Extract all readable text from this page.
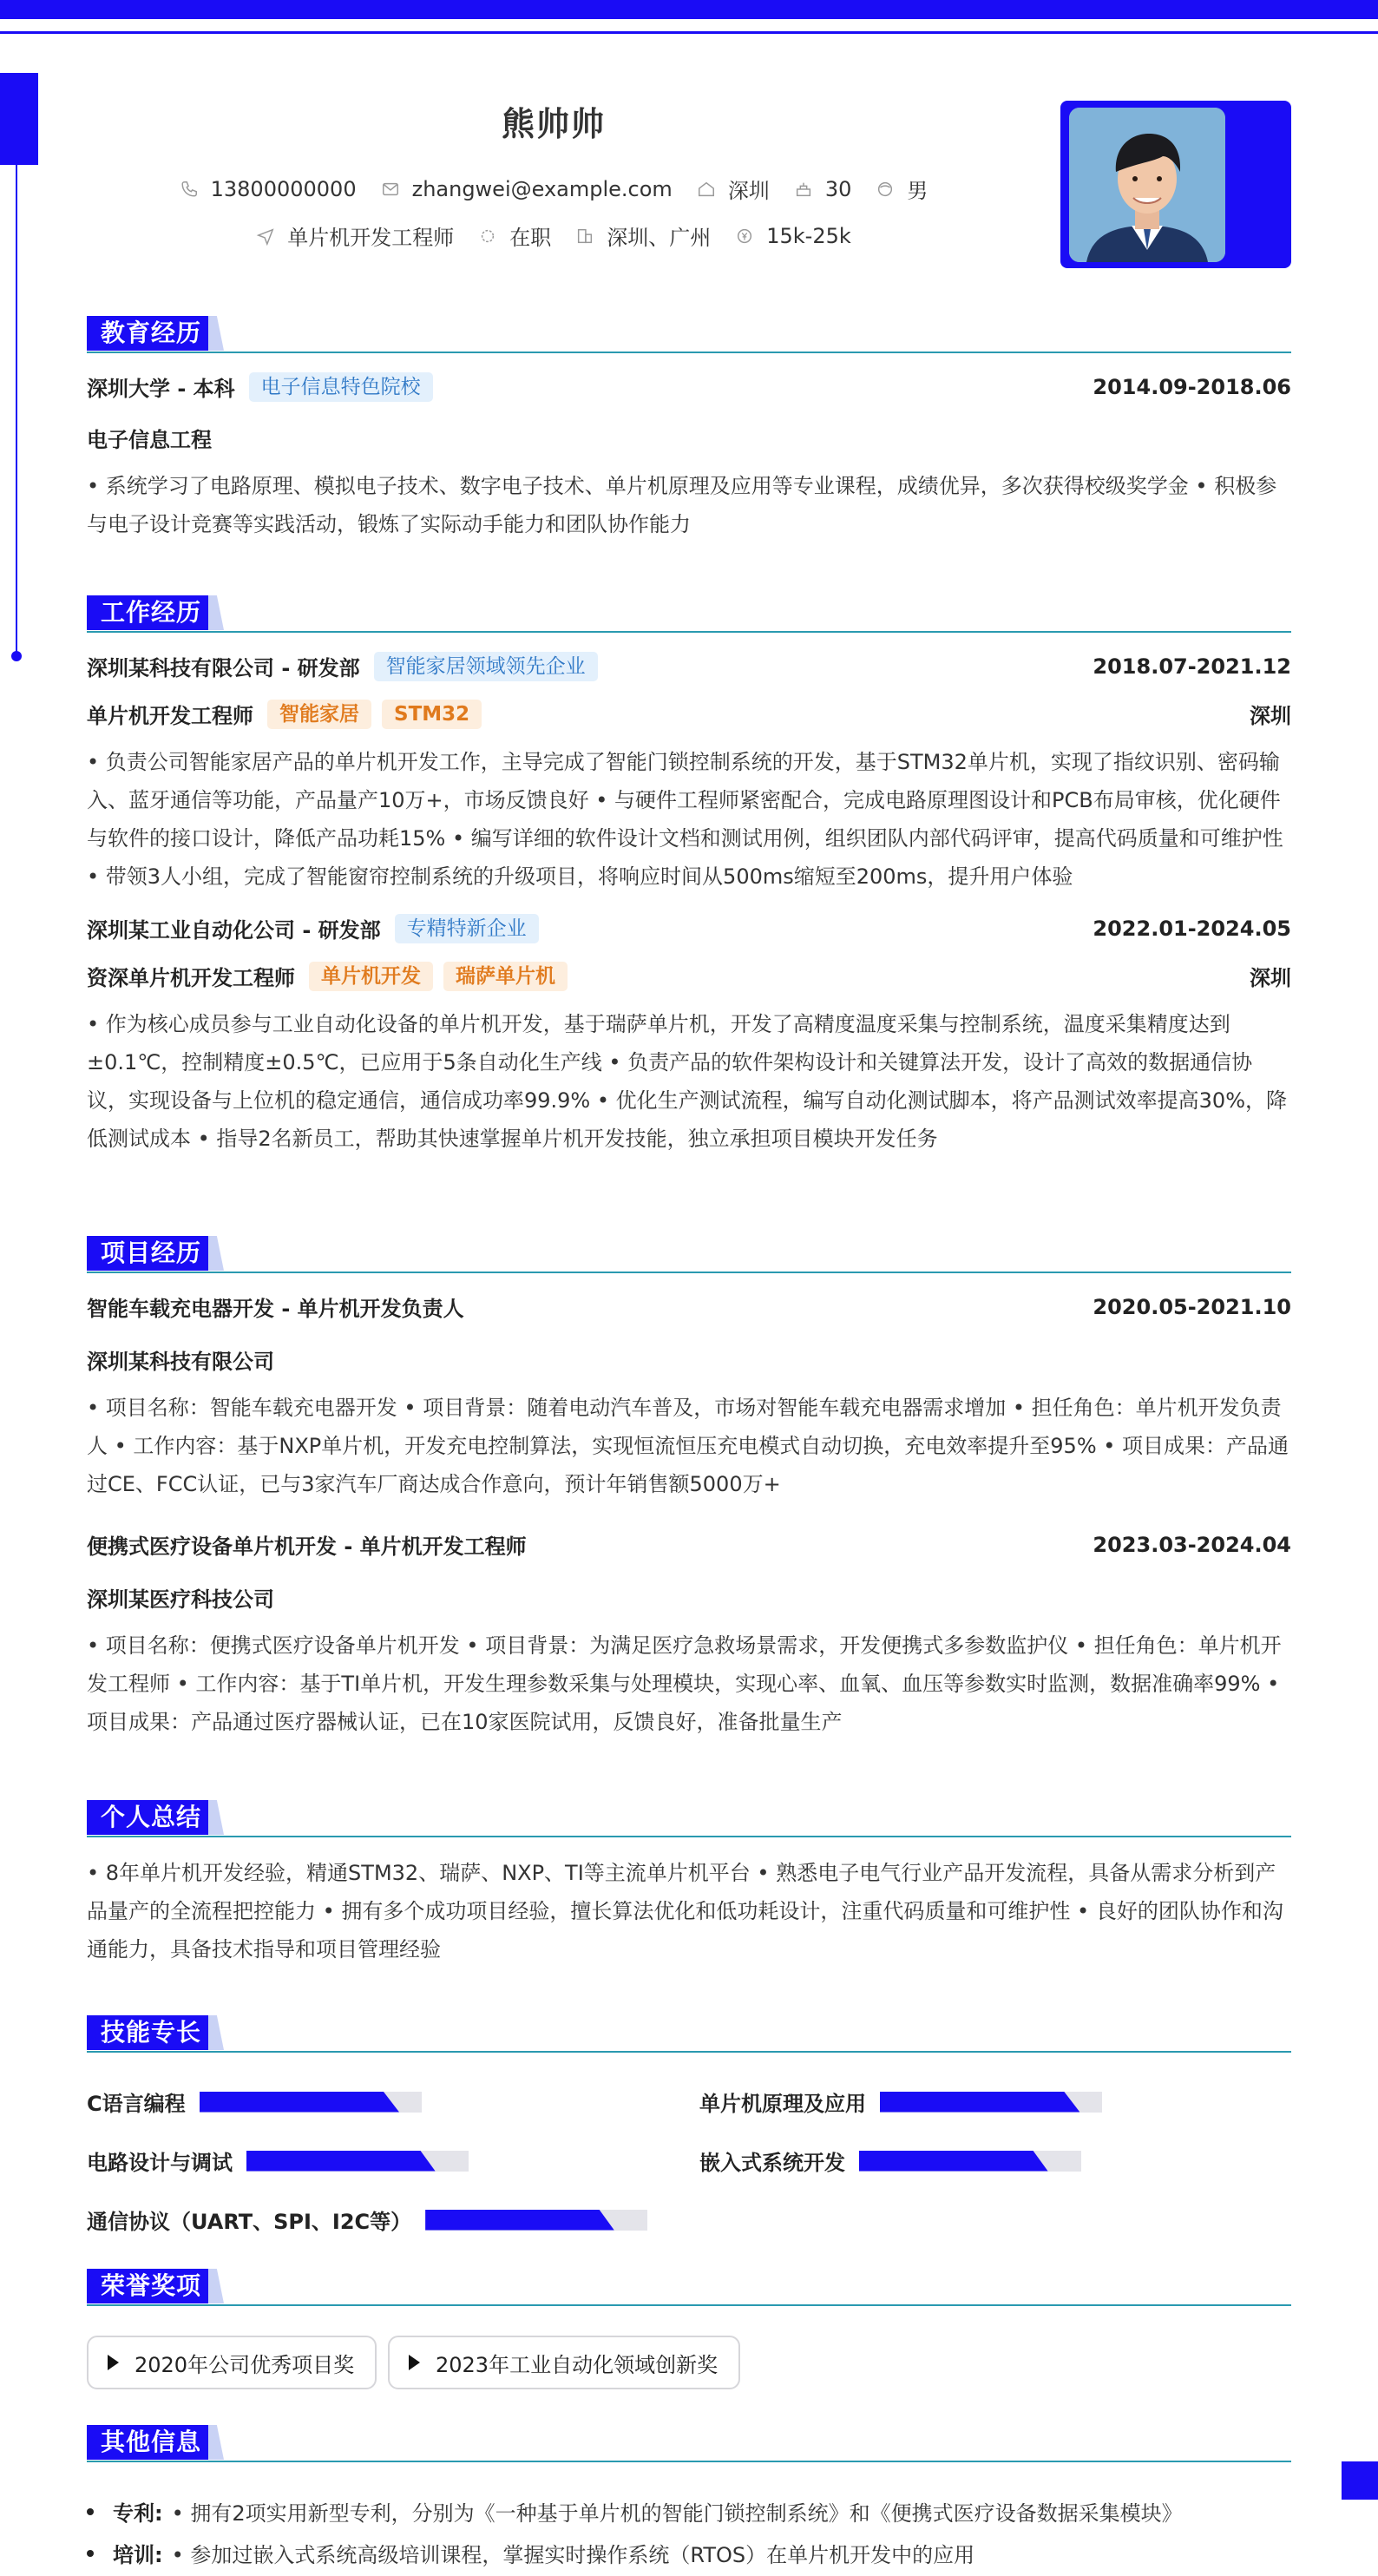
熊帅帅
13800000000	zhangwei@example.com	深圳	30	男
单片机开发工程师	在职	深圳、广州	15k-25k
教育经历
深圳大学 - 本科	电子信息特色院校	2014.09-2018.06
电子信息工程
• 系统学习了电路原理、模拟电子技术、数字电子技术、单片机原理及应用等专业课程，成绩优异，多次获得校级奖学金 • 积极参与电子设计竞赛等实践活动，锻炼了实际动手能力和团队协作能力
工作经历
深圳某科技有限公司 - 研发部	智能家居领域领先企业	2018.07-2021.12
单片机开发工程师	智能家居	STM32	深圳
• 负责公司智能家居产品的单片机开发工作，主导完成了智能门锁控制系统的开发，基于STM32单片机，实现了指纹识别、密码输入、蓝牙通信等功能，产品量产10万+，市场反馈良好 • 与硬件工程师紧密配合，完成电路原理图设计和PCB布局审核，优化硬件与软件的接口设计，降低产品功耗15% • 编写详细的软件设计文档和测试用例，组织团队内部代码评审，提高代码质量和可维护性 • 带领3人小组，完成了智能窗帘控制系统的升级项目，将响应时间从500ms缩短至200ms，提升用户体验
深圳某工业自动化公司 - 研发部	专精特新企业	2022.01-2024.05
资深单片机开发工程师	单片机开发	瑞萨单片机	深圳
• 作为核心成员参与工业自动化设备的单片机开发，基于瑞萨单片机，开发了高精度温度采集与控制系统，温度采集精度达到±0.1℃，控制精度±0.5℃，已应用于5条自动化生产线 • 负责产品的软件架构设计和关键算法开发，设计了高效的数据通信协议，实现设备与上位机的稳定通信，通信成功率99.9% • 优化生产测试流程，编写自动化测试脚本，将产品测试效率提高30%，降低测试成本 • 指导2名新员工，帮助其快速掌握单片机开发技能，独立承担项目模块开发任务
项目经历
智能车载充电器开发 - 单片机开发负责人	2020.05-2021.10
深圳某科技有限公司
• 项目名称：智能车载充电器开发 • 项目背景：随着电动汽车普及，市场对智能车载充电器需求增加 • 担任角色：单片机开发负责人 • 工作内容：基于NXP单片机，开发充电控制算法，实现恒流恒压充电模式自动切换，充电效率提升至95% • 项目成果：产品通过CE、FCC认证，已与3家汽车厂商达成合作意向，预计年销售额5000万+
便携式医疗设备单片机开发 - 单片机开发工程师	2023.03-2024.04
深圳某医疗科技公司
• 项目名称：便携式医疗设备单片机开发 • 项目背景：为满足医疗急救场景需求，开发便携式多参数监护仪 • 担任角色：单片机开发工程师 • 工作内容：基于TI单片机，开发生理参数采集与处理模块，实现心率、血氧、血压等参数实时监测，数据准确率99% • 项目成果：产品通过医疗器械认证，已在10家医院试用，反馈良好，准备批量生产
个人总结
• 8年单片机开发经验，精通STM32、瑞萨、NXP、TI等主流单片机平台 • 熟悉电子电气行业产品开发流程，具备从需求分析到产品量产的全流程把控能力 • 拥有多个成功项目经验，擅长算法优化和低功耗设计，注重代码质量和可维护性 • 良好的团队协作和沟通能力，具备技术指导和项目管理经验
技能专长
C语言编程	单片机原理及应用
电路设计与调试	嵌入式系统开发
通信协议（UART、SPI、I2C等）
荣誉奖项
2020年公司优秀项目奖	2023年工业自动化领域创新奖
其他信息
专利: • 拥有2项实用新型专利，分别为《一种基于单片机的智能门锁控制系统》和《便携式医疗设备数据采集模块》
培训: • 参加过嵌入式系统高级培训课程，掌握实时操作系统（RTOS）在单片机开发中的应用
